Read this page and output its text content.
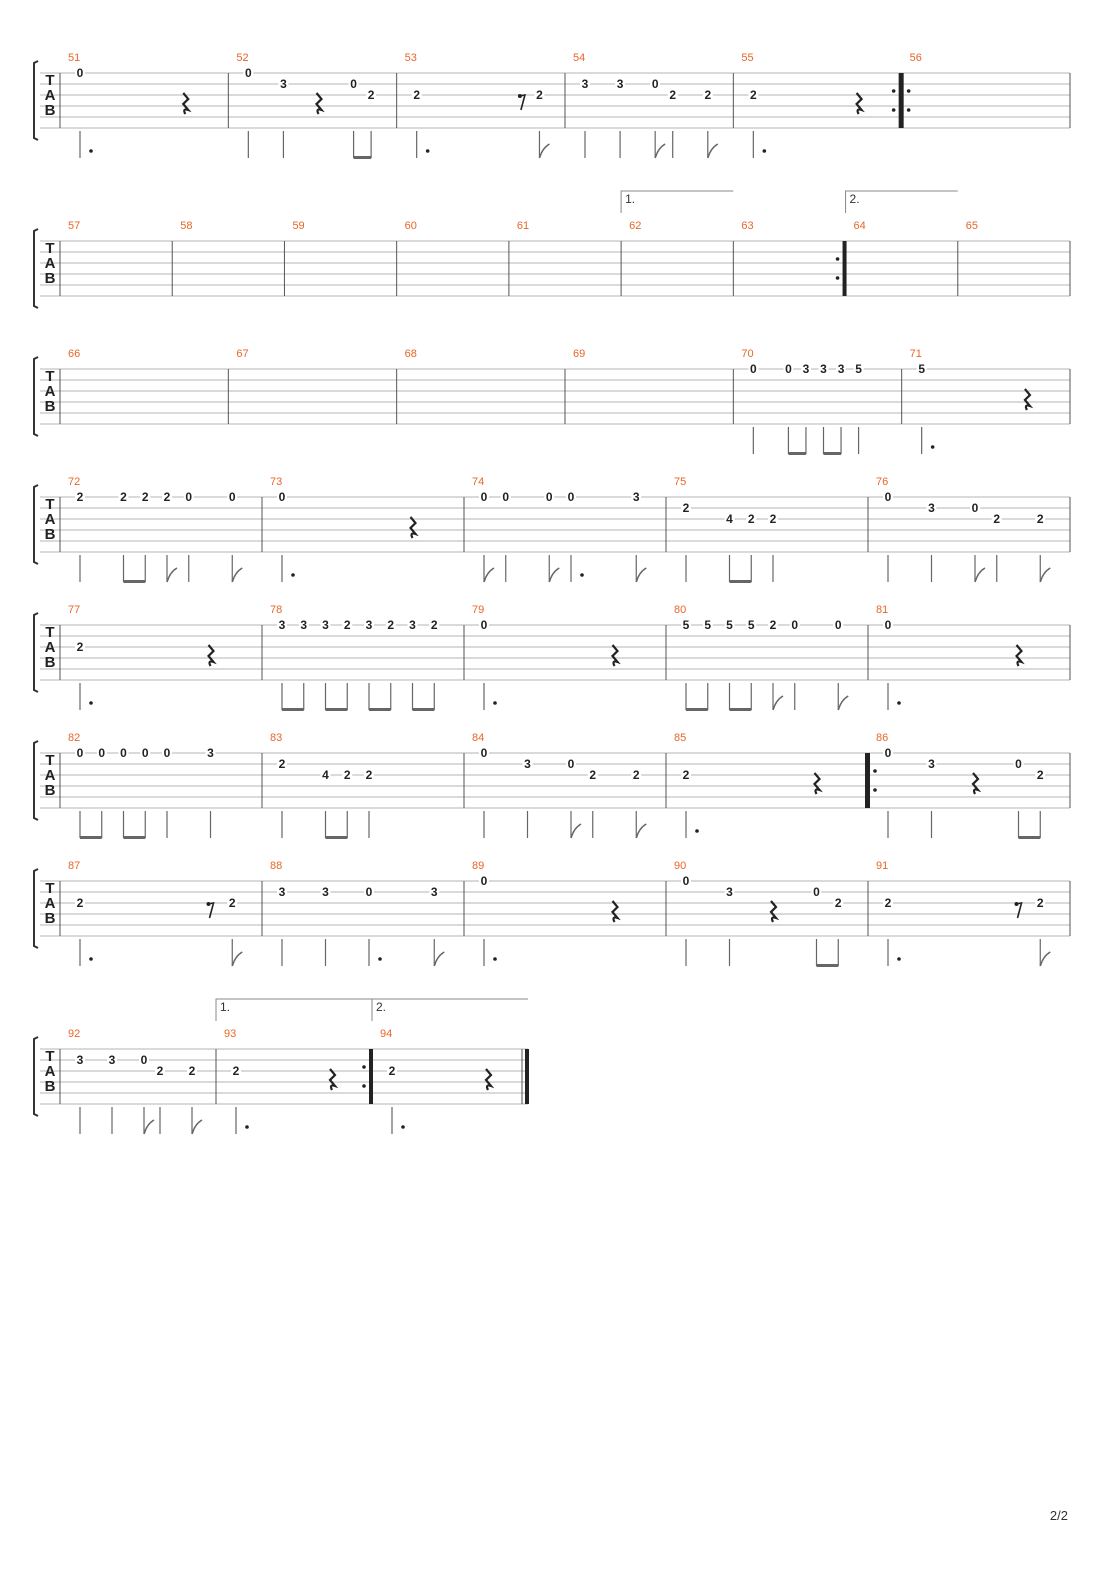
T
A
B
51
0
52
0
3	0
2
53
2	2
54
3 3 0
2 2
55
2
56
T
A
B
57	58	59	60	61	62	63	64	65
1.	2.
T
A
B
66	67	68	69	70
0 0 3 3 3 5
71
5
T
A
B
72
2	2 2 2 0	0
73
0
74
0 0	0 0	3
75
2
4 2 2
76
0
3	0
2	2
T
A
B
77
2
78
3 3 3 2 3 2 3 2
79
0
80
5 5 5 5 2 0	0
81
0
T
A
B
82
0 0 0 0 0	3
83
2
4 2 2
84
0
3	0
2	2
85
2
86
0
3	0
2
T
A
B
87
2	2
88
3	3	0	3
89
0
90
0
3	0
2
91
2	2
T
A
B
92
3 3 0
2 2
93
2
94
2
1.	2.
2/2
